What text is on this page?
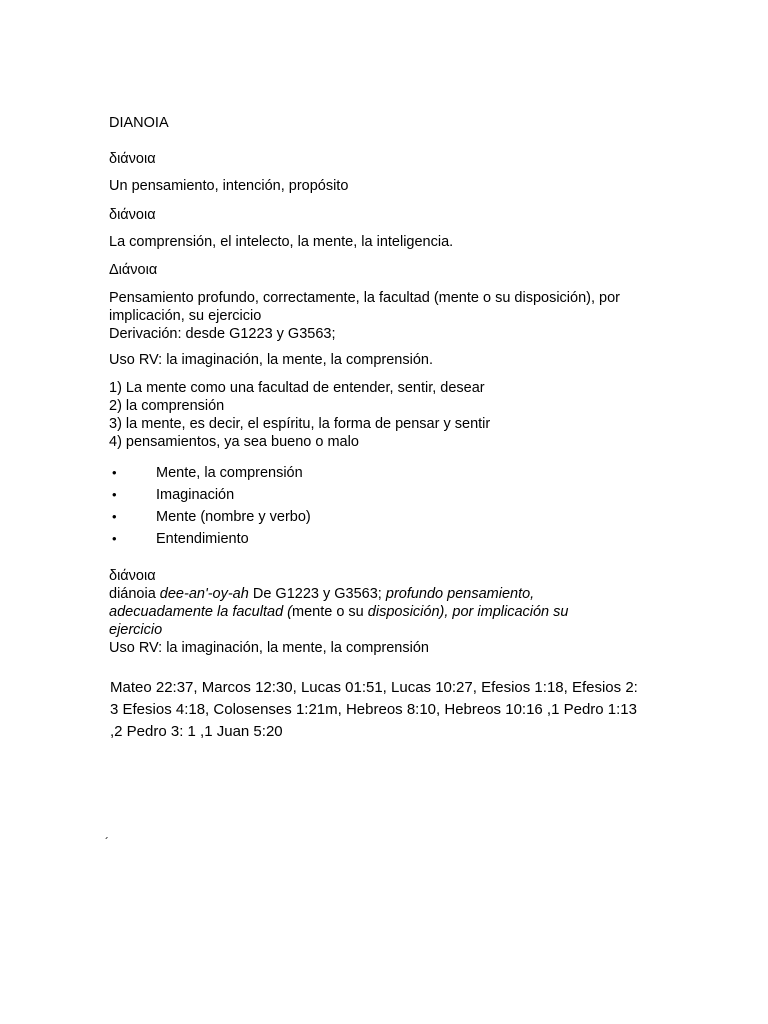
DIANOIA
διάνοια
Un pensamiento, intención, propósito
διάνοια
La comprensión, el intelecto, la mente, la inteligencia.
Διάνοια
Pensamiento profundo, correctamente, la facultad (mente o su disposición), por
implicación, su ejercicio
Derivación: desde G1223 y G3563;
Uso RV: la imaginación, la mente, la comprensión.
1) La mente como una facultad de entender, sentir, desear
2) la comprensión
3) la mente, es decir, el espíritu, la forma de pensar y sentir
4) pensamientos, ya sea bueno o malo
•	Mente, la comprensión
•	Imaginación
•	Mente (nombre y verbo)
•	Entendimiento
διάνοια
diánoia dee-an'-oy-ah De G1223 y G3563; profundo pensamiento,
adecuadamente la facultad (mente o su disposición), por implicación su
ejercicio
Uso RV: la imaginación, la mente, la comprensión
Mateo 22:37, Marcos 12:30, Lucas 01:51, Lucas 10:27, Efesios 1:18, Efesios 2: 3 Efesios 4:18, Colosenses 1:21m, Hebreos 8:10, Hebreos 10:16 ,1 Pedro 1:13 ,2 Pedro 3: 1 ,1 Juan 5:20
´
